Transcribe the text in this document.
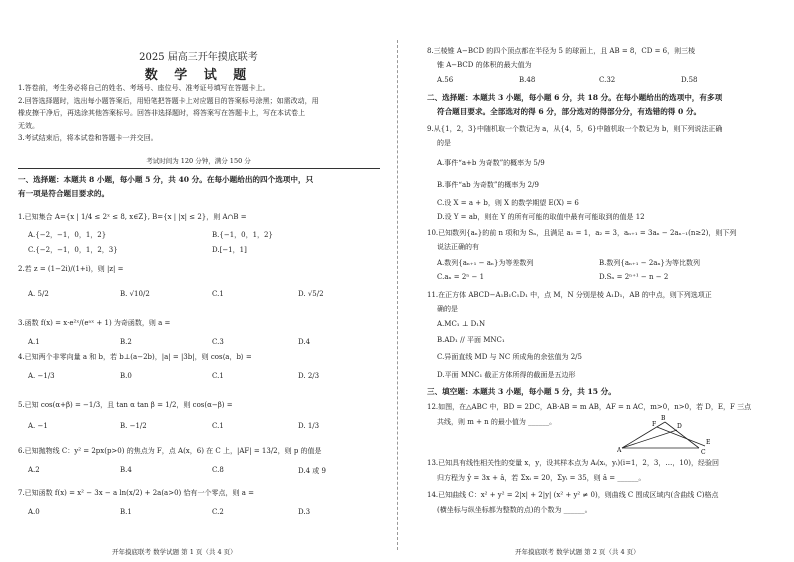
2025 届高三开年摸底联考
数 学 试 题
1.答卷前，考生务必将自己的姓名、考场号、座位号、准考证号填写在答题卡上。
2.回答选择题时，选出每小题答案后，用铅笔把答题卡上对应题目的答案标号涂黑；如需改动，用
橡皮擦干净后，再选涂其他答案标号。回答非选择题时，将答案写在答题卡上，写在本试卷上
无效。
3.考试结束后，将本试卷和答题卡一并交回。
考试时间为 120 分钟，满分 150 分
一、选择题：本题共 8 小题，每小题 5 分，共 40 分。在每小题给出的四个选项中，只
有一项是符合题目要求的。
1.已知集合 A={x | 1/4 ≤ 2ˣ ≤ 8, x∈Z}, B={x | |x| ≤ 2}，则 A∩B =
A.{−2，−1，0，1，2}	B.{−1，0，1，2}
C.{−2，−1，0，1，2，3}	D.[−1，1]
2.若 z = (1−2i)/(1+i)，则 |z| =
A. 5/2	B. √10/2	C.1	D. √5/2
3.函数 f(x) = x·e²ˣ/(eᵃˣ + 1) 为奇函数，则 a =
A.1	B.2	C.3	D.4
4.已知两个非零向量 a 和 b，若 b⊥(a−2b)，|a| = |3b|，则 cos⟨a，b⟩ =
A. −1/3	B.0	C.1	D. 2/3
5.已知 cos(α+β) = −1/3，且 tan α tan β = 1/2，则 cos(α−β) =
A. −1	B. −1/2	C.1	D. 1/3
6.已知抛物线 C：y² = 2px(p>0) 的焦点为 F，点 A(x，6) 在 C 上，|AF| = 13/2，则 p 的值是
A.2	B.4	C.8	D.4 或 9
7.已知函数 f(x) = x² − 3x − a ln(x/2) + 2a(a>0) 恰有一个零点，则 a =
A.0	B.1	C.2	D.3
开年摸底联考 数学试题 第 1 页（共 4 页）
8.三棱锥 A−BCD 的四个顶点都在半径为 5 的球面上，且 AB = 8，CD = 6，则三棱
锥 A−BCD 的体积的最大值为
A.56	B.48	C.32	D.58
二、选择题：本题共 3 小题，每小题 6 分，共 18 分。在每小题给出的选项中，有多项
符合题目要求。全部选对的得 6 分，部分选对的得部分分，有选错的得 0 分。
9.从{1，2，3}中随机取一个数记为 a，从{4，5，6}中随机取一个数记为 b，则下列说法正确
的是
A.事件“a+b 为奇数”的概率为 5/9
B.事件“ab 为奇数”的概率为 2/9
C.设 X = a + b，则 X 的数学期望 E(X) = 6
D.设 Y = ab，则在 Y 的所有可能的取值中最有可能取到的值是 12
10.已知数列{aₙ}的前 n 项和为 Sₙ，且满足 a₁ = 1，a₂ = 3，aₙ₊₁ = 3aₙ − 2aₙ₋₁(n≥2)，则下列
说法正确的有
A.数列{aₙ₊₁ − aₙ}为等差数列	B.数列{aₙ₊₁ − 2aₙ}为等比数列
C.aₙ = 2ⁿ − 1	D.Sₙ = 2ⁿ⁺¹ − n − 2
11.在正方体 ABCD−A₁B₁C₁D₁ 中，点 M，N 分别是棱 A₁D₁，AB 的中点，则下列选项正
确的是
A.MC₁ ⊥ D₁N
B.AD₁ // 平面 MNC₁
C.异面直线 MD 与 NC 所成角的余弦值为 2/5
D.平面 MNC₁ 截正方体所得的截面是五边形
三、填空题：本题共 3 小题，每小题 5 分，共 15 分。
12.如图，在△ABC 中，BD = 2DC，AB·AB = m AB，AF = n AC，m>0，n>0，若 D，E，F 三点
共线，则 m + n 的最小值为 ______。
A
B
C
D
E
F
13.已知具有线性相关性的变量 x，y，设其样本点为 Aᵢ(xᵢ，yᵢ)(i=1，2，3，…，10)，经验回
归方程为 ŷ = 3x + â，若 Σxᵢ = 20，Σyᵢ = 35，则 â = ______。
14.已知曲线 C：x² + y² = 2|x| + 2|y| (x² + y² ≠ 0)，则曲线 C 围成区域内(含曲线 C)格点
(横坐标与纵坐标都为整数的点)的个数为 ______。
开年摸底联考 数学试题 第 2 页（共 4 页）
